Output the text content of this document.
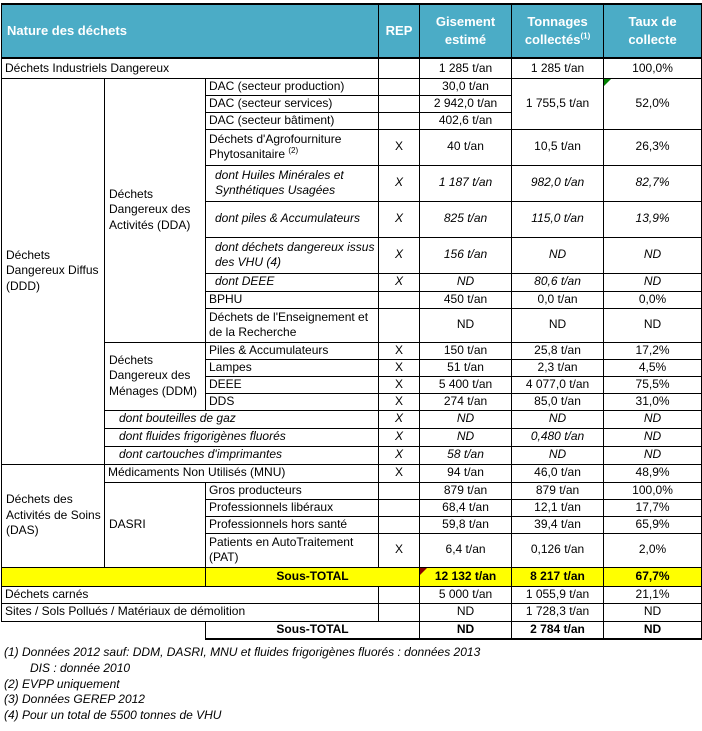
Nature des déchets			REP	Gisement estimé	Tonnages collectés$^{(1)}$	Taux de collecte
Déchets Industriels Dangereux				1 285 t/an	1 285 t/an	100,0%
Déchets Dangereux Diffus (DDD)	Déchets Dangereux des Activités (DDA)	DAC (secteur production)		30,0 t/an	1 755,5 t/an	52,0%
		DAC (secteur services)		2 942,0 t/an		
		DAC (secteur bâtiment)		402,6 t/an		
		Déchets d'Agrofourniture Phytosanitaire $^{(2)}$	X	40 t/an	10,5 t/an	26,3%
		dont Huiles Minérales et Synthétiques Usagées	X	1 187 t/an	982,0 t/an	82,7%
		dont piles & Accumulateurs	X	825 t/an	115,0 t/an	13,9%
		dont déchets dangereux issus des VHU (4)	X	156 t/an	ND	ND
		dont DEEE	X	ND	80,6 t/an	ND
		BPHU		450 t/an	0,0 t/an	0,0%
		Déchets de l'Enseignement et de la Recherche		ND	ND	ND
	Déchets Dangereux des Ménages (DDM)	Piles & Accumulateurs	X	150 t/an	25,8 t/an	17,2%
		Lampes	X	51 t/an	2,3 t/an	4,5%
		DEEE	X	5 400 t/an	4 077,0 t/an	75,5%
		DDS	X	274 t/an	85,0 t/an	31,0%
	dont bouteilles de gaz		X	ND	ND	ND
	dont fluides frigorigènes fluorés		X	ND	0,480 t/an	ND
	dont cartouches d'imprimantes		X	58 t/an	ND	ND
Déchets des Activités de Soins (DAS)	Médicaments Non Utilisés (MNU)		X	94 t/an	46,0 t/an	48,9%
	DASRI	Gros producteurs		879 t/an	879 t/an	100,0%
		Professionnels libéraux		68,4 t/an	12,1 t/an	17,7%
		Professionnels hors santé		59,8 t/an	39,4 t/an	65,9%
		Patients en AutoTraitement (PAT)	X	6,4 t/an	0,126 t/an	2,0%
		Sous-TOTAL		12 132 t/an	8 217 t/an	67,7%
Déchets carnés				5 000 t/an	1 055,9 t/an	21,1%
Sites / Sols Pollués / Matériaux de démolition				ND	1 728,3 t/an	ND
		Sous-TOTAL		ND	2 784 t/an	ND
(1) Données 2012 sauf: DDM, DASRI, MNU et fluides frigorigènes fluorés : données 2013
DIS : donnée 2010
(2) EVPP uniquement
(3) Données GEREP 2012
(4) Pour un total de 5500 tonnes de VHU
